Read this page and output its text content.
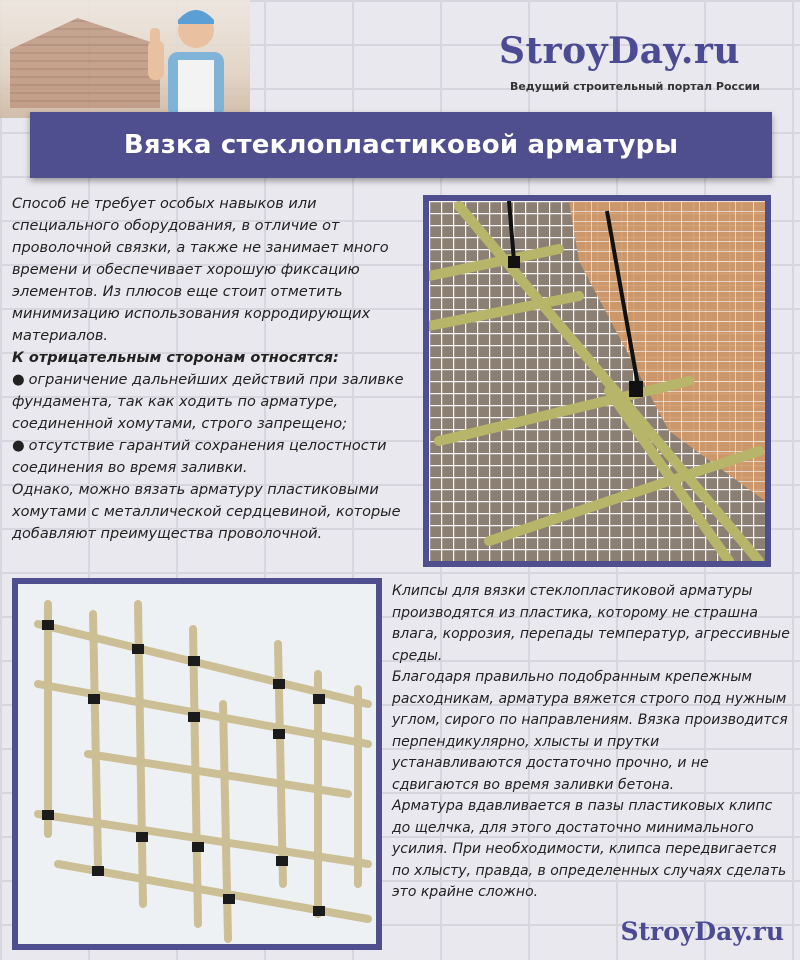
StroyDay.ru
Ведущий строительный портал России
Вязка стеклопластиковой арматуры

Способ не требует особых навыков или специального оборудования, в отличие от проволочной связки, а также не занимает много времени и обеспечивает хорошую фиксацию элементов. Из плюсов еще стоит отметить минимизацию использования корродирующих материалов.

К отрицательным сторонам относятся:

● ограничение дальнейших действий при заливке фундамента, так как ходить по арматуре, соединенной хомутами, строго запрещено;

● отсутствие гарантий сохранения целостности соединения во время заливки.

Однако, можно вязать арматуру пластиковыми хомутами с металлической сердцевиной, которые добавляют преимущества проволочной.

Клипсы для вязки стеклопластиковой арматуры производятся из пластика, которому не страшна влага, коррозия, перепады температур, агрессивные среды.

Благодаря правильно подобранным крепежным расходникам, арматура вяжется строго под нужным углом, сирого по направлениям. Вязка производится перпендикулярно, хлысты и прутки устанавливаются достаточно прочно, и не сдвигаются во время заливки бетона.

Арматура вдавливается в пазы пластиковых клипс до щелчка, для этого достаточно минимального усилия. При необходимости, клипса передвигается по хлысту, правда, в определенных случаях сделать это крайне сложно.

StroyDay.ru
